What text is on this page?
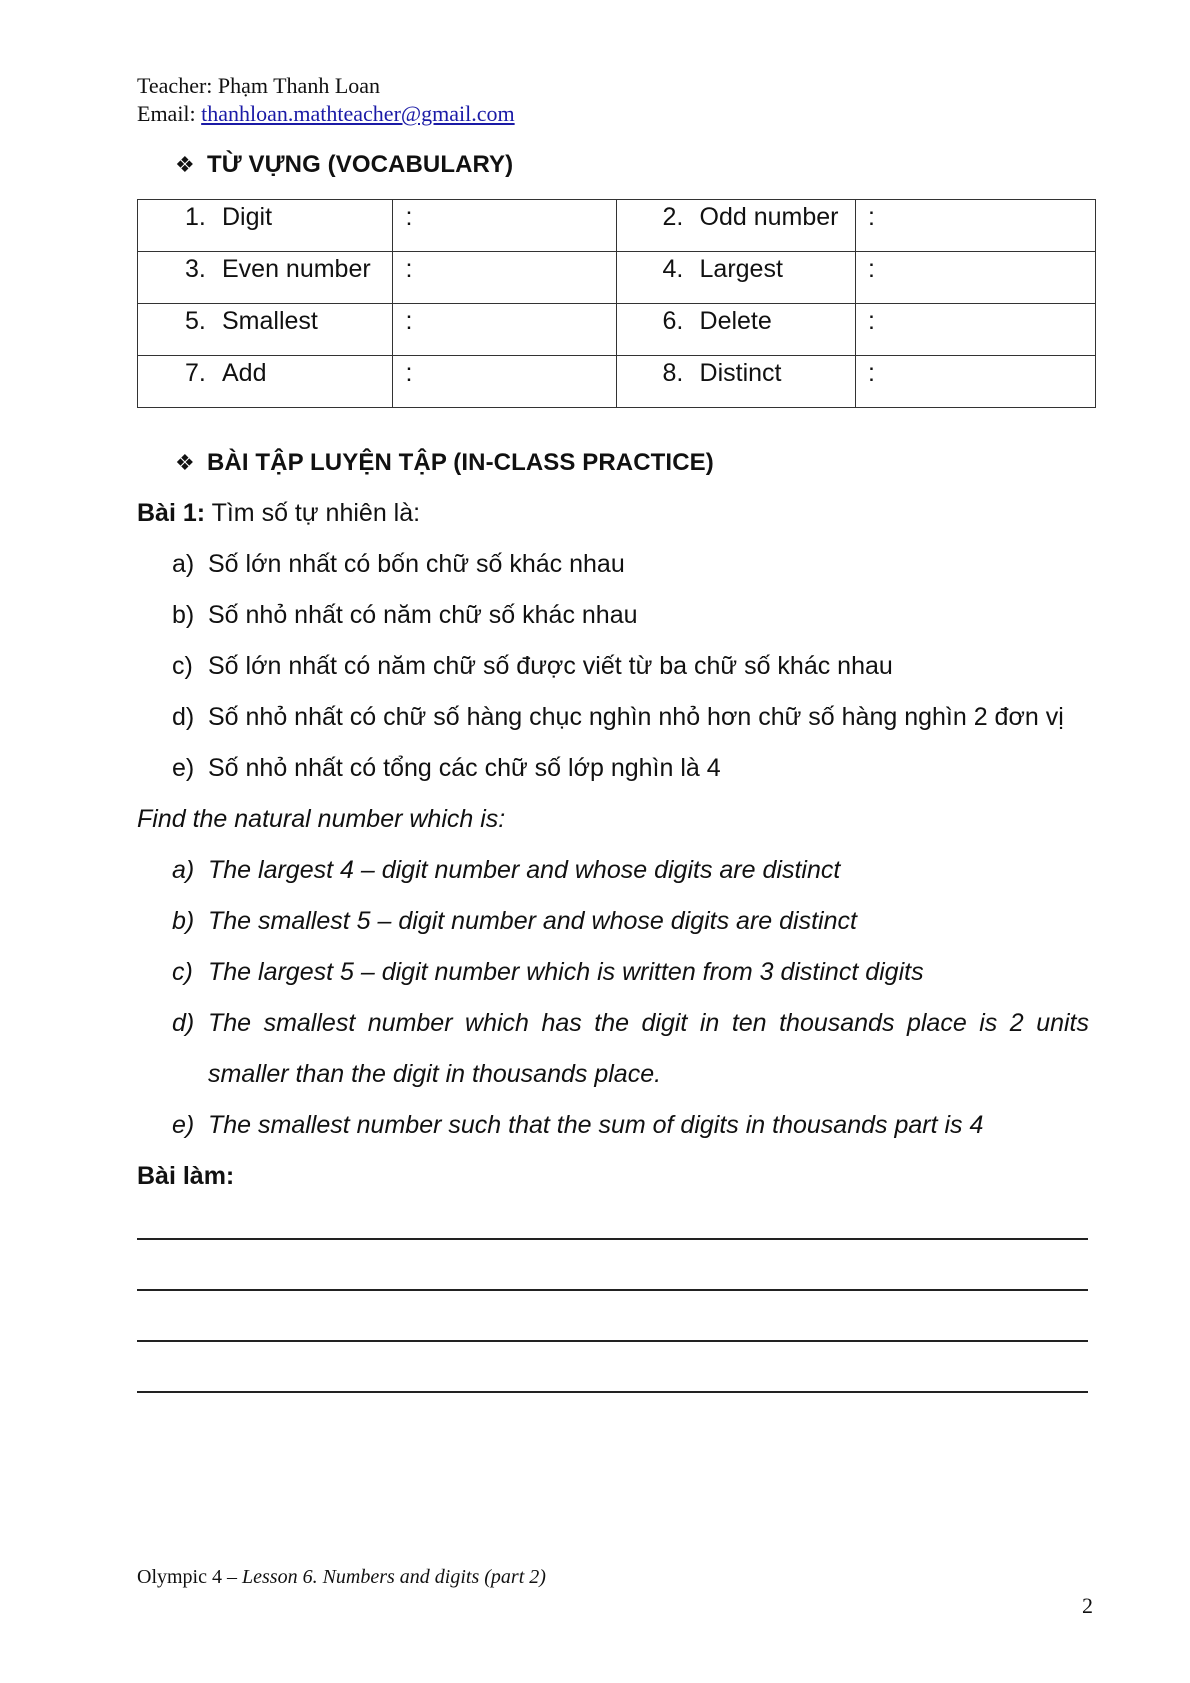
Teacher: Phạm Thanh Loan
Email: thanhloan.mathteacher@gmail.com
❖ TỪ VỰNG (VOCABULARY)
1. Digit	:	2. Odd number	:

3. Even number	:	4. Largest	:

5. Smallest	:	6. Delete	:

7. Add	:	8. Distinct	:
❖ BÀI TẬP LUYỆN TẬP (IN-CLASS PRACTICE)
Bài 1: Tìm số tự nhiên là:
a) Số lớn nhất có bốn chữ số khác nhau
b) Số nhỏ nhất có năm chữ số khác nhau
c) Số lớn nhất có năm chữ số được viết từ ba chữ số khác nhau
d) Số nhỏ nhất có chữ số hàng chục nghìn nhỏ hơn chữ số hàng nghìn 2 đơn vị
e) Số nhỏ nhất có tổng các chữ số lớp nghìn là 4
Find the natural number which is:
a) The largest 4 – digit number and whose digits are distinct
b) The smallest 5 – digit number and whose digits are distinct
c) The largest 5 – digit number which is written from 3 distinct digits
d) The smallest number which has the digit in ten thousands place is 2 units
smaller than the digit in thousands place.
e) The smallest number such that the sum of digits in thousands part is 4
Bài làm:
Olympic 4 – Lesson 6. Numbers and digits (part 2)
2
